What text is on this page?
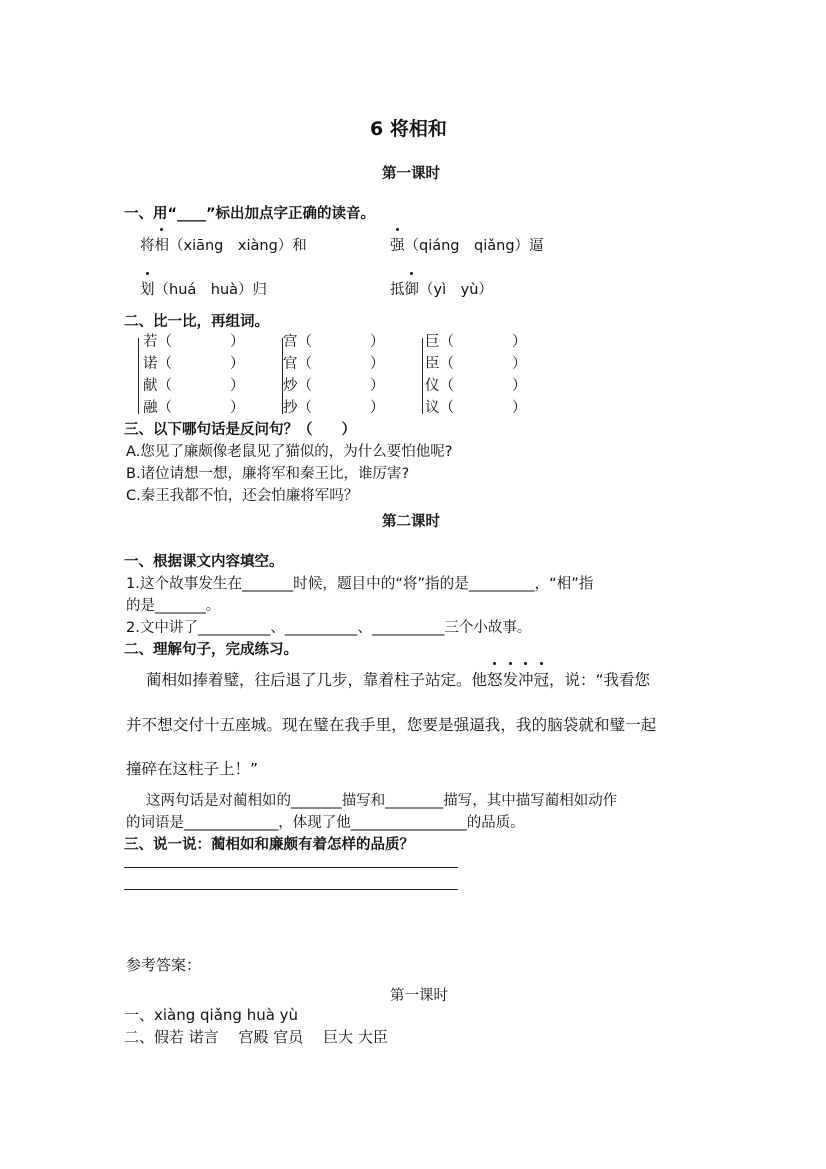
6 将相和
第一课时
一、用“____”标出加点字正确的读音。
将相（xiāng　xiàng）和	强（qiáng　qiǎng）逼
划（huá　huà）归	抵御（yì　yù）
二、比一比，再组词。
若（　　　　）
诺（　　　　）
献（　　　　）
融（　　　　）
宫（　　　　）
官（　　　　）
炒（　　　　）
抄（　　　　）
巨（　　　　）
臣（　　　　）
仪（　　　　）
议（　　　　）
三、以下哪句话是反问句？（　　）
A.您见了廉颇像老鼠见了猫似的，为什么要怕他呢?
B.诸位请想一想，廉将军和秦王比，谁厉害?
C.秦王我都不怕，还会怕廉将军吗？
第二课时
一、根据课文内容填空。
1.这个故事发生在_______时候，题目中的“将”指的是_________，“相”指
的是_______。
2.文中讲了__________、__________、__________三个小故事。
二、理解句子，完成练习。
蔺相如捧着璧，往后退了几步，靠着柱子站定。他怒发冲冠
，说：“我看您
并不想交付十五座城。现在璧在我手里，您要是强逼我，我的脑袋就和璧一起
撞碎在这柱子上！”
这两句话是对蔺相如的_______描写和________描写，其中描写蔺相如动作
的词语是_____________，体现了他________________的品质。
三、说一说：蔺相如和廉颇有着怎样的品质？
参考答案：
第一课时
一、xiàng qiǎng huà yù
二、假若 诺言　 宫殿 官员 　巨大 大臣
